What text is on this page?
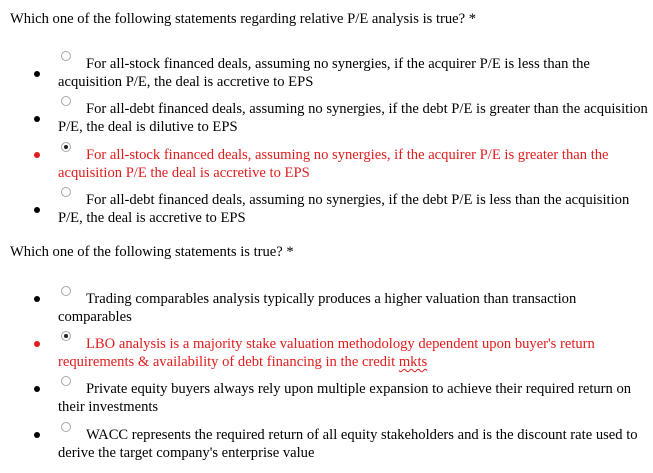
Which one of the following statements regarding relative P/E analysis is true? *
For all-stock financed deals, assuming no synergies, if the acquirer P/E is less than the acquisition P/E, the deal is accretive to EPS
For all-debt financed deals, assuming no synergies, if the debt P/E is greater than the acquisition P/E, the deal is dilutive to EPS
For all-stock financed deals, assuming no synergies, if the acquirer P/E is greater than the acquisition P/E the deal is accretive to EPS
For all-debt financed deals, assuming no synergies, if the debt P/E is less than the acquisition P/E, the deal is accretive to EPS
Which one of the following statements is true? *
Trading comparables analysis typically produces a higher valuation than transaction comparables
LBO analysis is a majority stake valuation methodology dependent upon buyer's return requirements & availability of debt financing in the credit mkts
Private equity buyers always rely upon multiple expansion to achieve their required return on their investments
WACC represents the required return of all equity stakeholders and is the discount rate used to derive the target company's enterprise value
